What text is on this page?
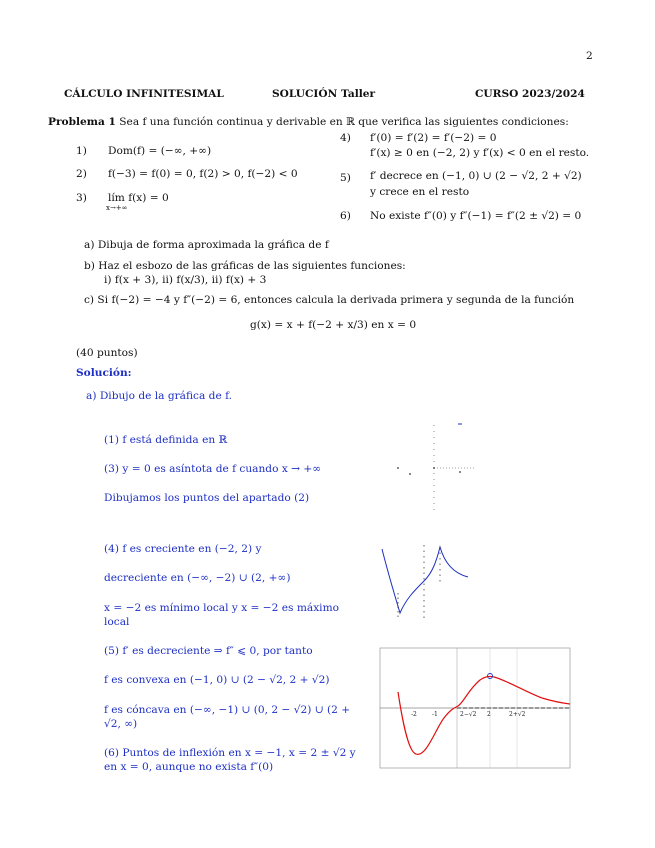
2
CÁLCULO INFINITESIMAL	SOLUCIÓN Taller	CURSO 2023/2024
Problema 1 Sea f una función continua y derivable en ℝ que verifica las siguientes condiciones:
1) Dom(f) = (−∞, +∞)
2) f(−3) = f(0) = 0, f(2) > 0, f(−2) < 0
3) lím f(x) = 0
x→+∞
4) f′(0) = f′(2) = f′(−2) = 0
f′(x) ≥ 0 en (−2, 2) y f′(x) < 0 en el resto.
5) f′ decrece en (−1, 0) ∪ (2 − √2, 2 + √2)
y crece en el resto
6) No existe f″(0) y f″(−1) = f″(2 ± √2) = 0
a) Dibuja de forma aproximada la gráfica de f
b) Haz el esbozo de las gráficas de las siguientes funciones:
i) f(x + 3), ii) f(x/3), ii) f(x) + 3
c) Si f(−2) = −4 y f″(−2) = 6, entonces calcula la derivada primera y segunda de la función
g(x) = x + f(−2 + x/3) en x = 0
(40 puntos)
Solución:
a) Dibujo de la gráfica de f.
(1) f está definida en ℝ
(3) y = 0 es asíntota de f cuando x → +∞
Dibujamos los puntos del apartado (2)
(4) f es creciente en (−2, 2) y
decreciente en (−∞, −2) ∪ (2, +∞)
x = −2 es mínimo local y x = −2 es máximo local
(5) f′ es decreciente ⇒ f″ ⩽ 0, por tanto
f es convexa en (−1, 0) ∪ (2 − √2, 2 + √2)
f es cóncava en (−∞, −1) ∪ (0, 2 − √2) ∪ (2 + √2, ∞)
(6) Puntos de inflexión en x = −1, x = 2 ± √2 y en x = 0, aunque no exista f″(0)
-2	-1	2−√2 2	2+√2
